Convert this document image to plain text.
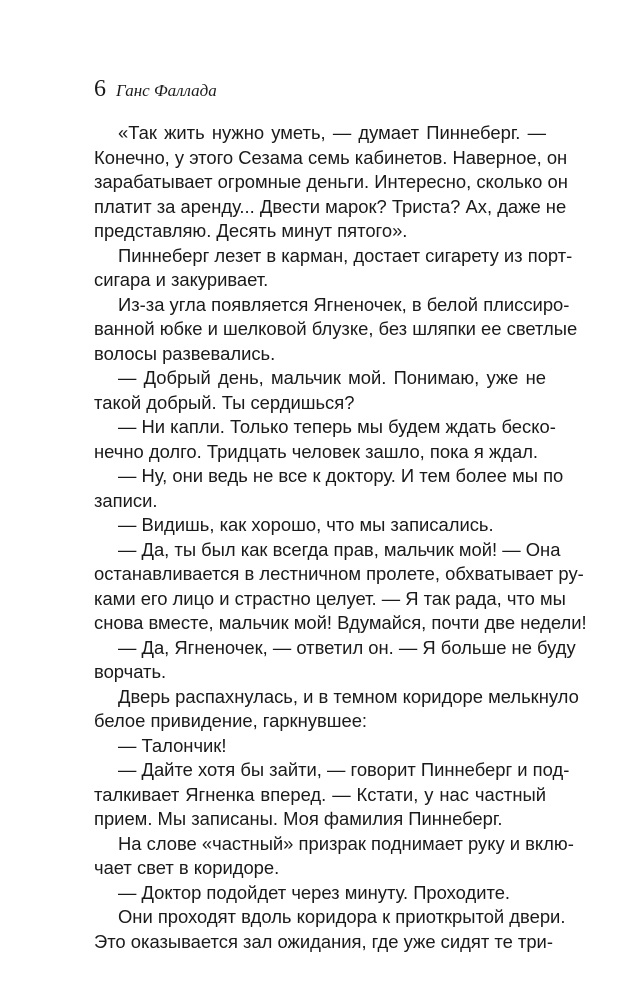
6 Ганс Фаллада
«Так жить нужно уметь, — думает Пиннеберг. —
Конечно, у этого Сезама семь кабинетов. Наверное, он
зарабатывает огромные деньги. Интересно, сколько он
платит за аренду... Двести марок? Триста? Ах, даже не
представляю. Десять минут пятого».
Пиннеберг лезет в карман, достает сигарету из порт-
сигара и закуривает.
Из-за угла появляется Ягненочек, в белой плиссиро-
ванной юбке и шелковой блузке, без шляпки ее светлые
волосы развевались.
— Добрый день, мальчик мой. Понимаю, уже не
такой добрый. Ты сердишься?
— Ни капли. Только теперь мы будем ждать беско-
нечно долго. Тридцать человек зашло, пока я ждал.
— Ну, они ведь не все к доктору. И тем более мы по
записи.
— Видишь, как хорошо, что мы записались.
— Да, ты был как всегда прав, мальчик мой! — Она
останавливается в лестничном пролете, обхватывает ру-
ками его лицо и страстно целует. — Я так рада, что мы
снова вместе, мальчик мой! Вдумайся, почти две недели!
— Да, Ягненочек, — ответил он. — Я больше не буду
ворчать.
Дверь распахнулась, и в темном коридоре мелькнуло
белое привидение, гаркнувшее:
— Талончик!
— Дайте хотя бы зайти, — говорит Пиннеберг и под-
талкивает Ягненка вперед. — Кстати, у нас частный
прием. Мы записаны. Моя фамилия Пиннеберг.
На слове «частный» призрак поднимает руку и вклю-
чает свет в коридоре.
— Доктор подойдет через минуту. Проходите.
Они проходят вдоль коридора к приоткрытой двери.
Это оказывается зал ожидания, где уже сидят те три-
